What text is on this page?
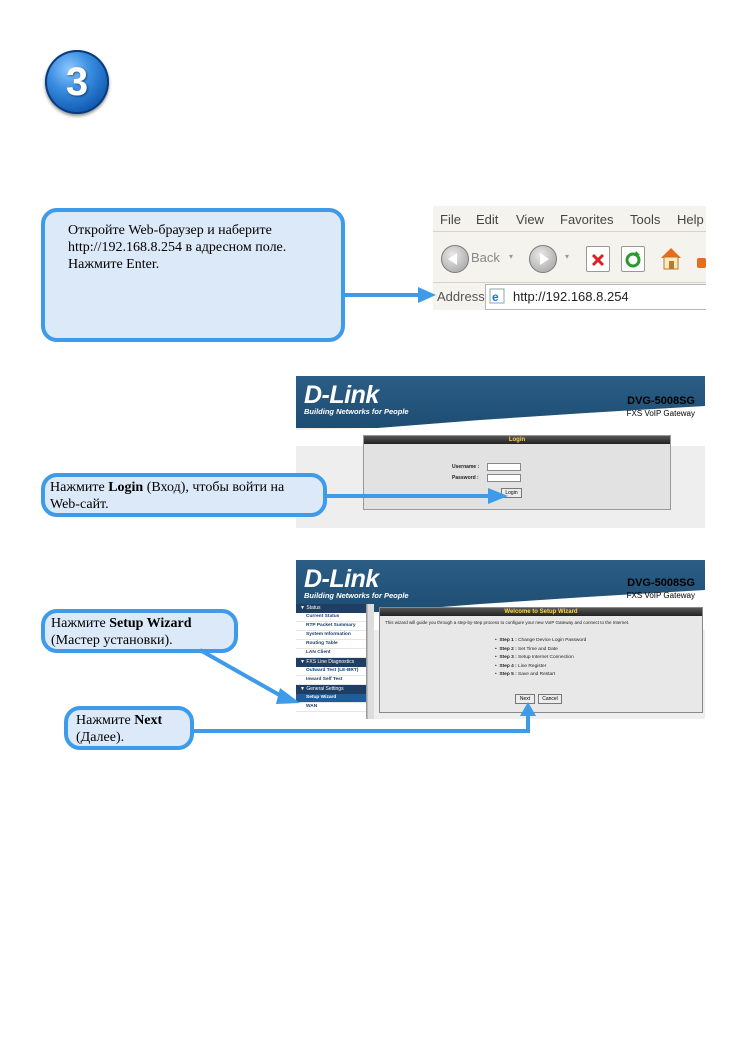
3
Откройте Web-браузер и наберите http://192.168.8.254 в адресном поле. Нажмите Enter.
File Edit View Favorites Tools Help
Back ▾	▾
Address e http://192.168.8.254
D-Link
Building Networks for People
DVG-5008SG
FXS VoIP Gateway
Login
Username :
Password :
Login
Нажмите Login (Вход), чтобы войти на Web-сайт.
D-Link
Building Networks for People
DVG-5008SG
FXS VoIP Gateway
▼ Status
Current Status
RTP Packet Summary
System Information
Routing Table
LAN Client
▼ FXS Line Diagnostics
Outward Test (LE-BRT)
Inward Self Test
▼ General Settings
Setup Wizard
WAN
Welcome to Setup Wizard
This wizard will guide you through a step-by-step process to configure your new VoIP Gateway and connect to the Internet.
•  Step 1 : Change Device Login Password
•  Step 2 : Set Time and Date
•  Step 3 : Setup Internet Connection
•  Step 4 : Line Register
•  Step 5 : Save and Restart
Next	Cancel
Нажмите Setup Wizard (Мастер установки).
Нажмите Next (Далее).
